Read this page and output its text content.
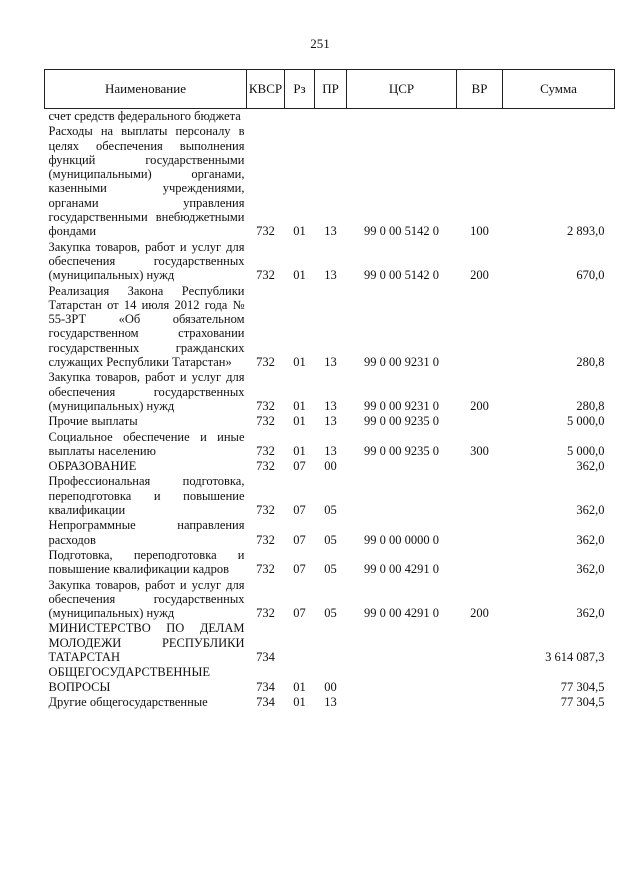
251
Наименование	КВСР	Рз	ПР	ЦСР	ВР	Сумма
счет средств федерального бюджета						
Расходы на выплаты персоналу в целях обеспечения выполнения функций государственными (муниципальными) органами, казенными учреждениями, органами управления государственными внебюджетными фондами	732	01	13	99 0 00 5142 0	100	2 893,0
Закупка товаров, работ и услуг для обеспечения государственных (муниципальных) нужд	732	01	13	99 0 00 5142 0	200	670,0
Реализация Закона Республики Татарстан от 14 июля 2012 года № 55-ЗРТ «Об обязательном государственном страховании государственных гражданских служащих Республики Татарстан»	732	01	13	99 0 00 9231 0		280,8
Закупка товаров, работ и услуг для обеспечения государственных (муниципальных) нужд	732	01	13	99 0 00 9231 0	200	280,8
Прочие выплаты	732	01	13	99 0 00 9235 0		5 000,0
Социальное обеспечение и иные выплаты населению	732	01	13	99 0 00 9235 0	300	5 000,0
ОБРАЗОВАНИЕ	732	07	00			362,0
Профессиональная подготовка, переподготовка и повышение квалификации	732	07	05			362,0
Непрограммные направления расходов	732	07	05	99 0 00 0000 0		362,0
Подготовка, переподготовка и повышение квалификации кадров	732	07	05	99 0 00 4291 0		362,0
Закупка товаров, работ и услуг для обеспечения государственных (муниципальных) нужд	732	07	05	99 0 00 4291 0	200	362,0
МИНИСТЕРСТВО ПО ДЕЛАМ МОЛОДЕЖИ РЕСПУБЛИКИ ТАТАРСТАН	734					3 614 087,3
ОБЩЕГОСУДАРСТВЕННЫЕ ВОПРОСЫ	734	01	00			77 304,5
Другие общегосударственные	734	01	13			77 304,5
